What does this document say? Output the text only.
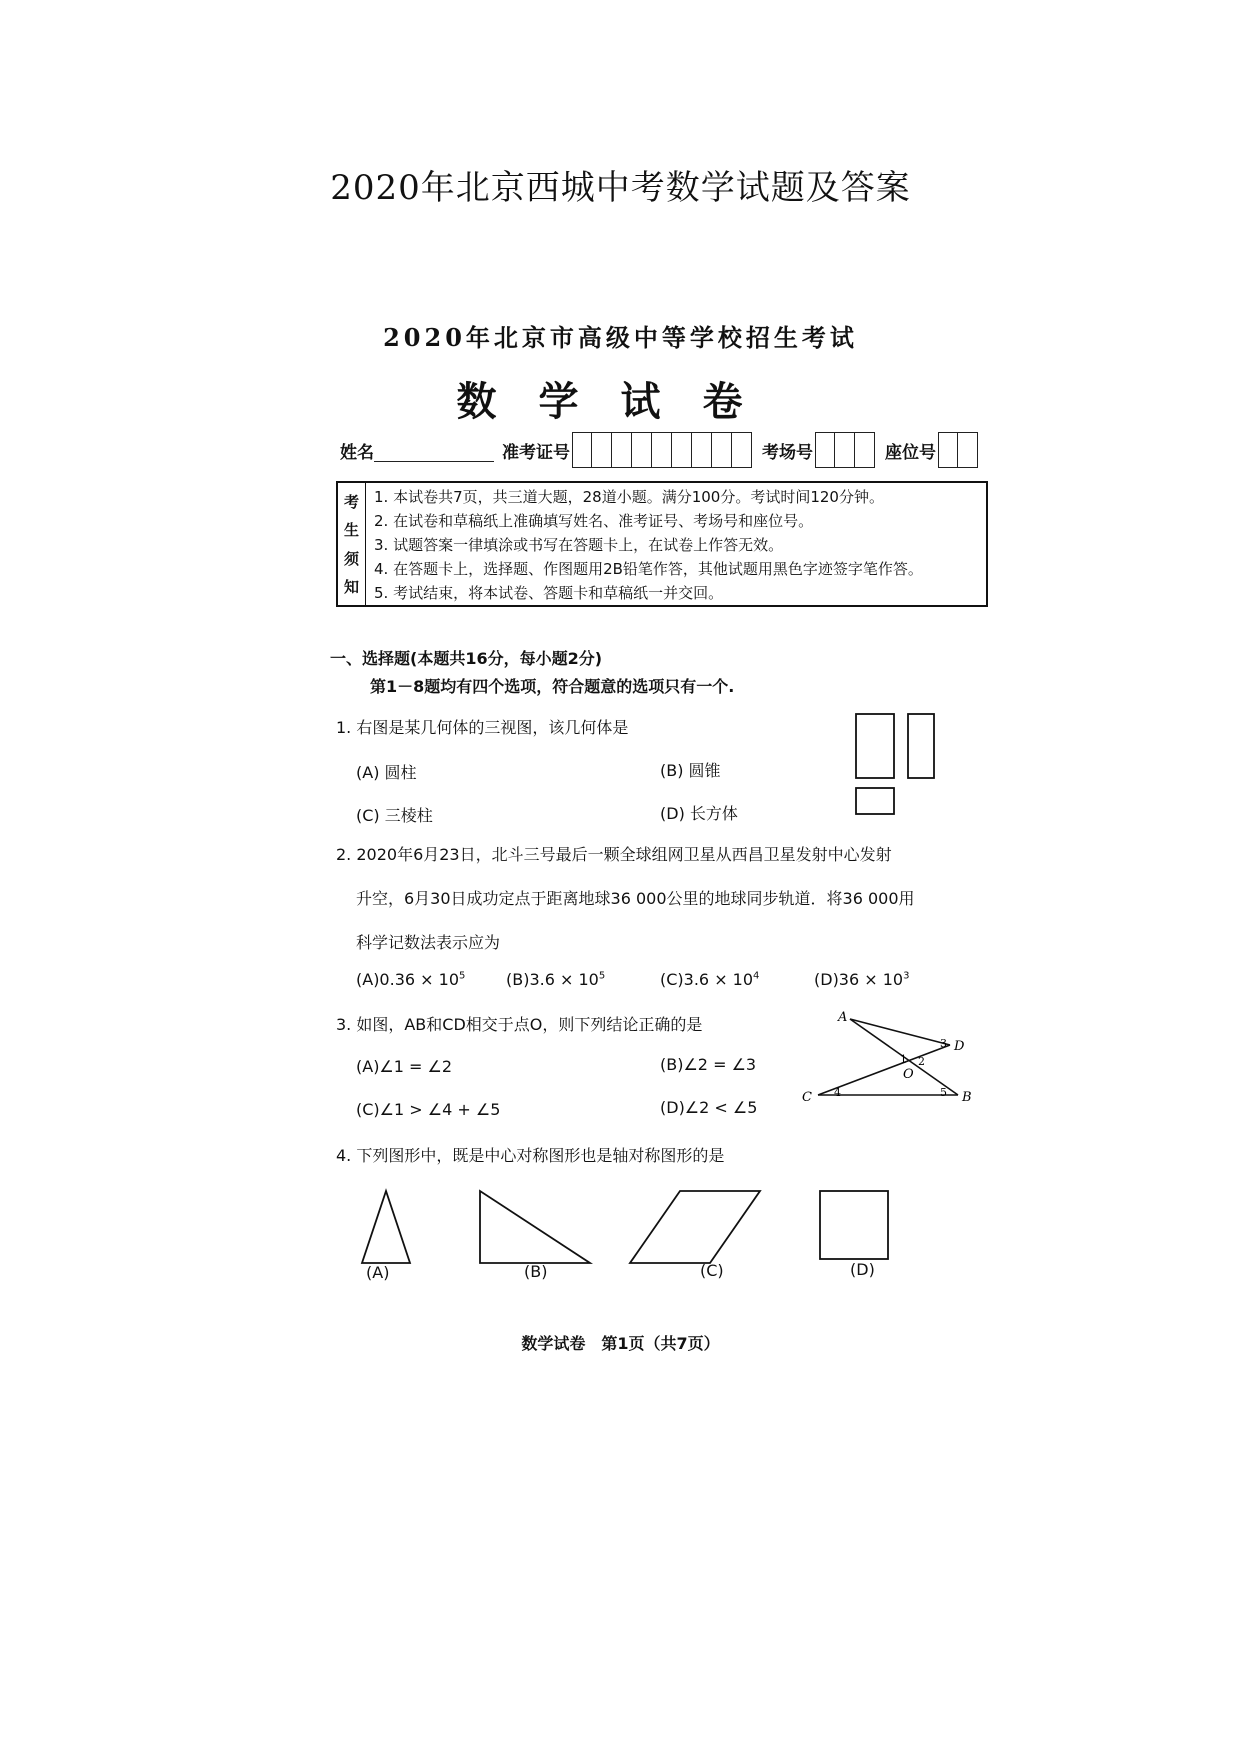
2020年北京西城中考数学试题及答案
2020年北京市高级中等学校招生考试
数学试卷
姓名	准考证号	考场号	座位号
考
生
须
知
1. 本试卷共7页，共三道大题，28道小题。满分100分。考试时间120分钟。
2. 在试卷和草稿纸上准确填写姓名、准考证号、考场号和座位号。
3. 试题答案一律填涂或书写在答题卡上，在试卷上作答无效。
4. 在答题卡上，选择题、作图题用2B铅笔作答，其他试题用黑色字迹签字笔作答。
5. 考试结束，将本试卷、答题卡和草稿纸一并交回。
一、选择题(本题共16分，每小题2分)
第1－8题均有四个选项，符合题意的选项只有一个.
1. 右图是某几何体的三视图，该几何体是
(A) 圆柱	(B) 圆锥
(C) 三棱柱	(D) 长方体
2. 2020年6月23日，北斗三号最后一颗全球组网卫星从西昌卫星发射中心发射
升空，6月30日成功定点于距离地球36 000公里的地球同步轨道．将36 000用
科学记数法表示应为
$(A)0.36 \times 10^5$	$(B)3.6 \times 10^5$	$(C)3.6 \times 10^4$	$(D)36 \times 10^3$
3. 如图，AB和CD相交于点O，则下列结论正确的是
(A)∠1 = ∠2	(B)∠2 = ∠3
(C)∠1 > ∠4 + ∠5	(D)∠2 < ∠5
A
B
C
D
O
1 2
3
4	5
4. 下列图形中，既是中心对称图形也是轴对称图形的是
(A)	(B)	(C)	(D)
数学试卷　第1页（共7页）
